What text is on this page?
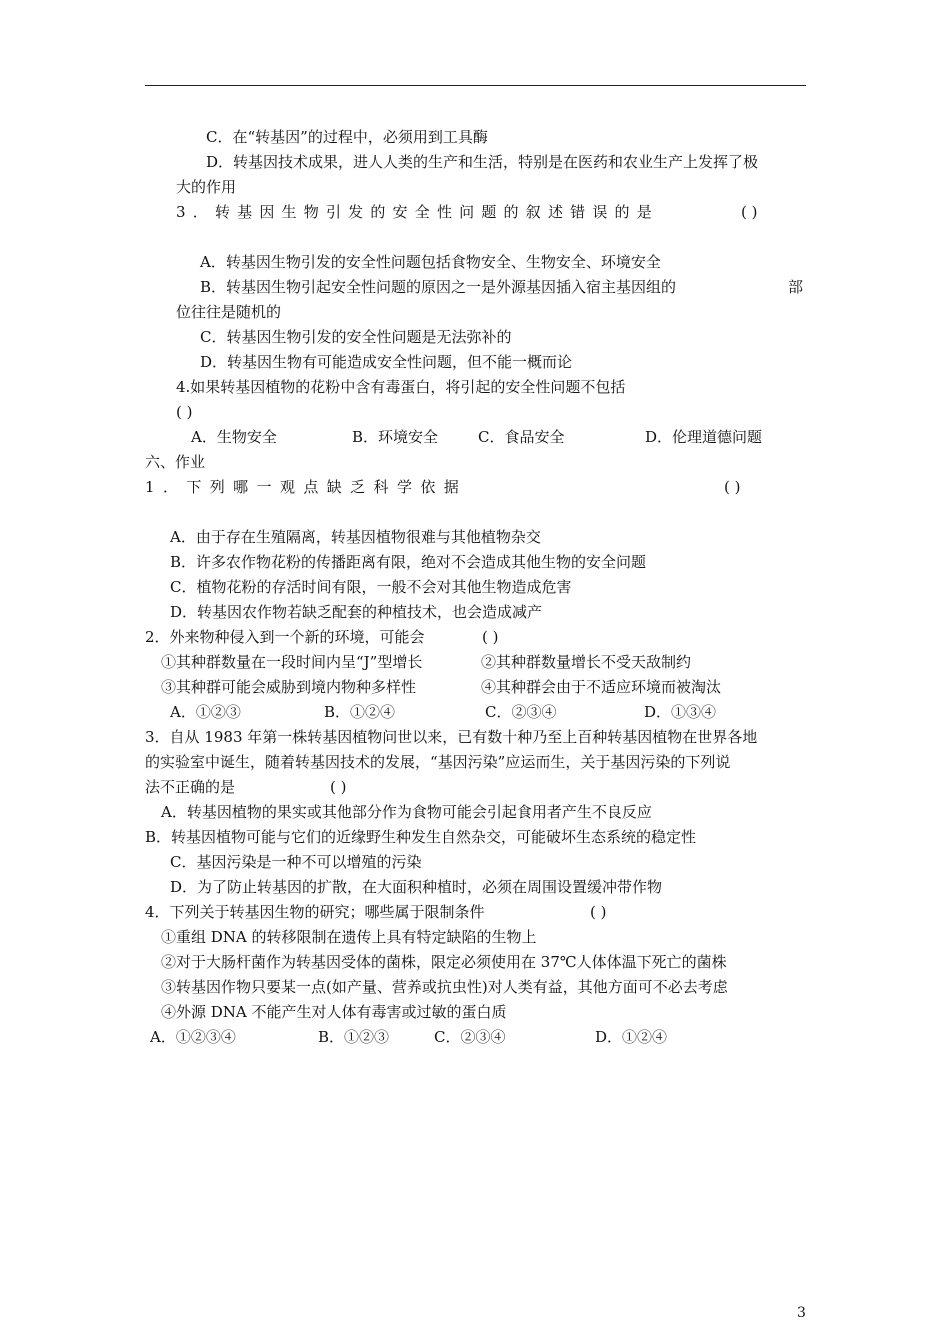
C．在“转基因”的过程中，必须用到工具酶
D．转基因技术成果，进人人类的生产和生活，特别是在医药和农业生产上发挥了极
大的作用
3．转基因生物引发的安全性问题的叙述错误的是	( )
A．转基因生物引发的安全性问题包括食物安全、生物安全、环境安全
B．转基因生物引起安全性问题的原因之一是外源基因插入宿主基因组的	部
位往往是随机的
C．转基因生物引发的安全性问题是无法弥补的
D．转基因生物有可能造成安全性问题，但不能一概而论
4.如果转基因植物的花粉中含有毒蛋白，将引起的安全性问题不包括
( )
A．生物安全	B．环境安全	C．食品安全	D．伦理道德问题
六、作业
1．下列哪一观点缺乏科学依据	( )
A．由于存在生殖隔离，转基因植物很难与其他植物杂交
B．许多农作物花粉的传播距离有限，绝对不会造成其他生物的安全问题
C．植物花粉的存活时间有限，一般不会对其他生物造成危害
D．转基因农作物若缺乏配套的种植技术，也会造成减产
2．外来物种侵入到一个新的环境，可能会	( )
①其种群数量在一段时间内呈“J”型增长	②其种群数量增长不受天敌制约
③其种群可能会威胁到境内物种多样性	④其种群会由于不适应环境而被淘汰
A．①②③	B．①②④	C．②③④	D．①③④
3．自从 1983 年第一株转基因植物问世以来，已有数十种乃至上百种转基因植物在世界各地
的实验室中诞生，随着转基因技术的发展，“基因污染”应运而生，关于基因污染的下列说
法不正确的是	( )
A．转基因植物的果实或其他部分作为食物可能会引起食用者产生不良反应
B．转基因植物可能与它们的近缘野生种发生自然杂交，可能破坏生态系统的稳定性
C．基因污染是一种不可以增殖的污染
D．为了防止转基因的扩散，在大面积种植时，必须在周围设置缓冲带作物
4．下列关于转基因生物的研究；哪些属于限制条件	( )
①重组 DNA 的转移限制在遗传上具有特定缺陷的生物上
②对于大肠杆菌作为转基因受体的菌株，限定必须使用在 37℃人体体温下死亡的菌株
③转基因作物只要某一点(如产量、营养或抗虫性)对人类有益，其他方面可不必去考虑
④外源 DNA 不能产生对人体有毒害或过敏的蛋白质
A．①②③④	B．①②③	C．②③④	D．①②④
3
